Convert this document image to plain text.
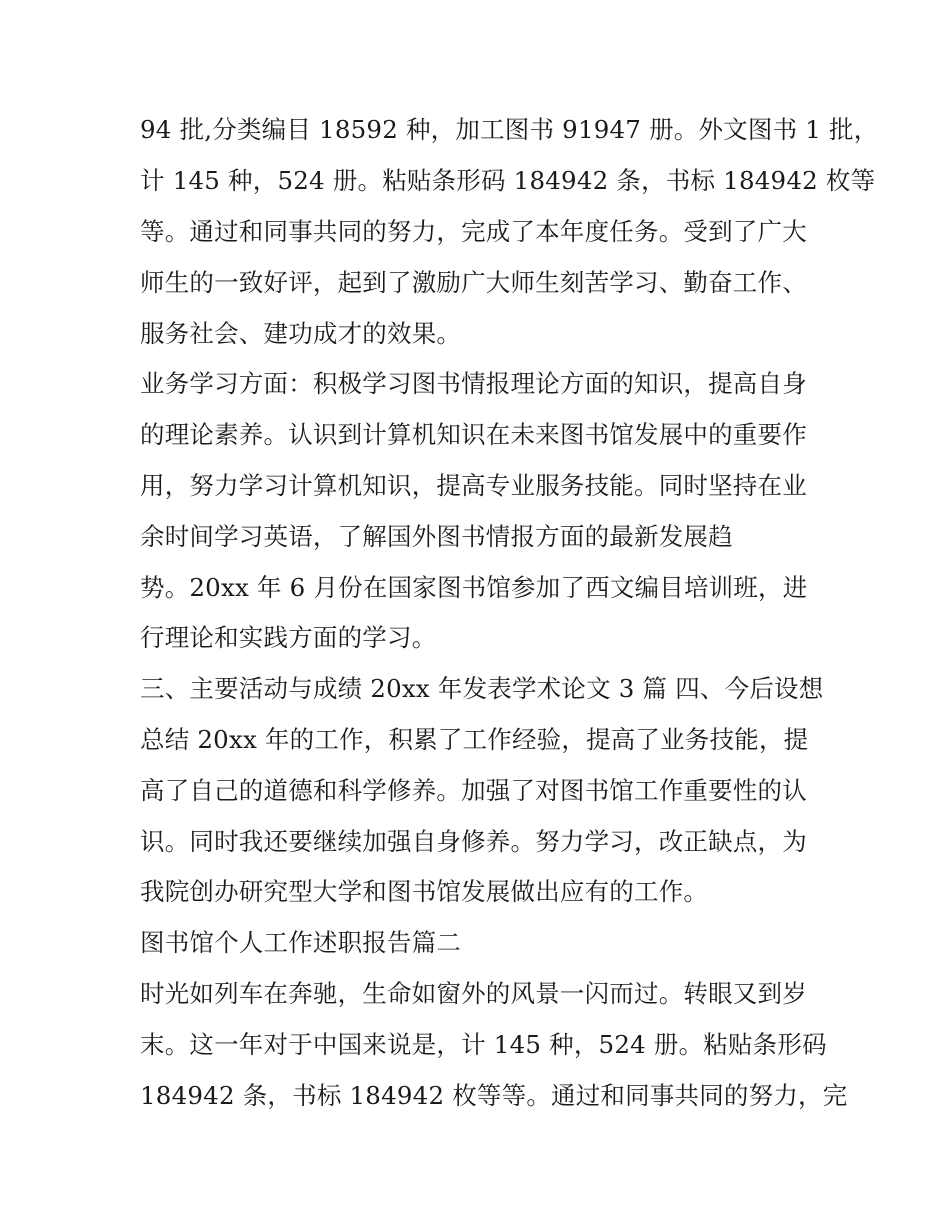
94 批,分类编目 18592 种，加工图书 91947 册。外文图书 1 批，
计 145 种，524 册。粘贴条形码 184942 条，书标 184942 枚等
等。通过和同事共同的努力，完成了本年度任务。受到了广大
师生的一致好评，起到了激励广大师生刻苦学习、勤奋工作、
服务社会、建功成才的效果。
业务学习方面：积极学习图书情报理论方面的知识，提高自身
的理论素养。认识到计算机知识在未来图书馆发展中的重要作
用，努力学习计算机知识，提高专业服务技能。同时坚持在业
余时间学习英语，了解国外图书情报方面的最新发展趋
势。20xx 年 6 月份在国家图书馆参加了西文编目培训班，进
行理论和实践方面的学习。
三、主要活动与成绩 20xx 年发表学术论文 3 篇 四、今后设想
总结 20xx 年的工作，积累了工作经验，提高了业务技能，提
高了自己的道德和科学修养。加强了对图书馆工作重要性的认
识。同时我还要继续加强自身修养。努力学习，改正缺点，为
我院创办研究型大学和图书馆发展做出应有的工作。
图书馆个人工作述职报告篇二
时光如列车在奔驰，生命如窗外的风景一闪而过。转眼又到岁
末。这一年对于中国来说是，计 145 种，524 册。粘贴条形码
184942 条，书标 184942 枚等等。通过和同事共同的努力，完
